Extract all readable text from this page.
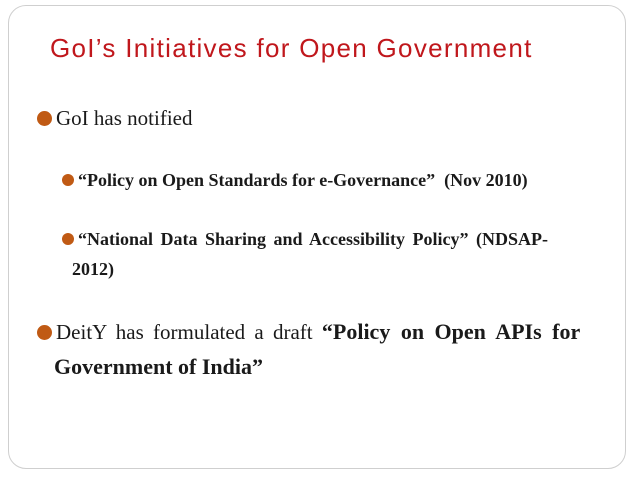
GoI’s Initiatives for Open Government
GoI has notified
“Policy on Open Standards for e-Governance”  (Nov 2010)
“National Data Sharing and Accessibility Policy” (NDSAP-
2012)
DeitY has formulated a draft “Policy on Open APIs for
Government of India”
